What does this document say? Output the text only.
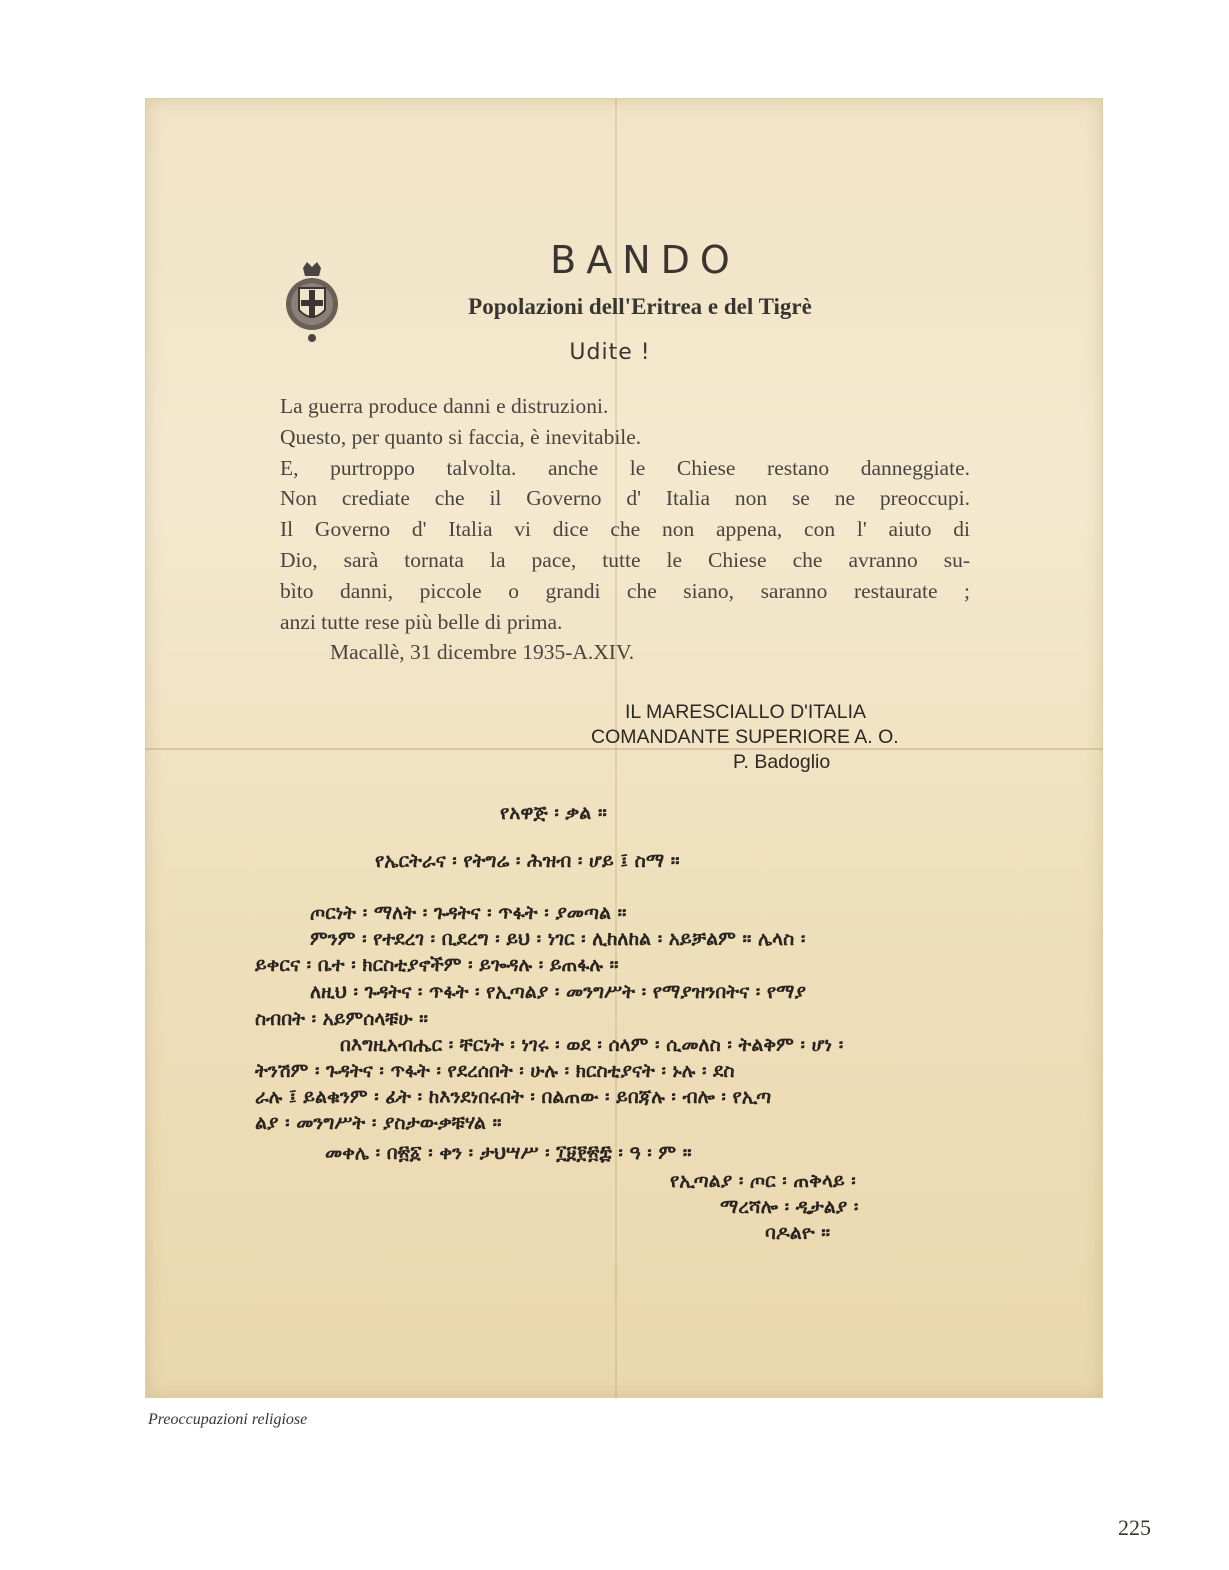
BANDO
Popolazioni dell'Eritrea e del Tigrè
Udite !
La guerra produce danni e distruzioni.
Questo, per quanto si faccia, è inevitabile.
E, purtroppo talvolta. anche le Chiese restano danneggiate.
Non crediate che il Governo d' Italia non se ne preoccupi.
Il Governo d' Italia vi dice che non appena, con l' aiuto di
Dio, sarà tornata la pace, tutte le Chiese che avranno su-
bìto danni, piccole o grandi che siano, saranno restaurate ;
anzi tutte rese più belle di prima.
Macallè, 31 dicembre 1935-A.XIV.
IL MARESCIALLO D'ITALIA
COMANDANTE SUPERIORE A. O.
P. Badoglio
የአዋጅ ፡ ቃል ።
የኤርትራና ፡ የትግሬ ፡ ሕዝብ ፡ ሆይ ፤ ስማ ።
ጦርነት ፡ ማለት ፡ ጉዳትና ፡ ጥፋት ፡ ያመጣል ።
ምንም ፡ የተደረገ ፡ ቢደረግ ፡ ይህ ፡ ነገር ፡ ሊከለከል ፡ አይቻልም ። ሌላስ ፡
ይቀርና ፡ ቤተ ፡ ክርስቲያኖችም ፡ ይጐዳሉ ፡ ይጠፋሉ ።
ለዚህ ፡ ጉዳትና ፡ ጥፋት ፡ የኢጣልያ ፡ መንግሥት ፡ የማያዝንበትና ፡ የማያ
ስብበት ፡ አይምሰላቹሁ ።
በእግዚአብሔር ፡ ቸርነት ፡ ነገሩ ፡ ወደ ፡ ሰላም ፡ ሲመለስ ፡ ትልቅም ፡ ሆነ ፡
ትንሽም ፡ ጉዳትና ፡ ጥፋት ፡ የደረሰበት ፡ ሁሉ ፡ ክርስቲያናት ፡ ኑሉ ፡ ደስ
ራሉ ፤ ይልቁንም ፡ ፊት ፡ ከእንደነበሩበት ፡ በልጠው ፡ ይበጃሉ ፡ ብሎ ፡ የኢጣ
ልያ ፡ መንግሥት ፡ ያስታውቃቹሃል ።
መቀሌ ፡ በ፳፩ ፡ ቀን ፡ ታህሣሥ ፡ ፲፱፻፳፰ ፡ ዓ ፡ ም ።
የኢጣልያ ፡ ጦር ፡ ጠቅላይ ፡
ማረሻሎ ፡ ዲታልያ ፡
ባዶልዮ ።
Preoccupazioni religiose
225
